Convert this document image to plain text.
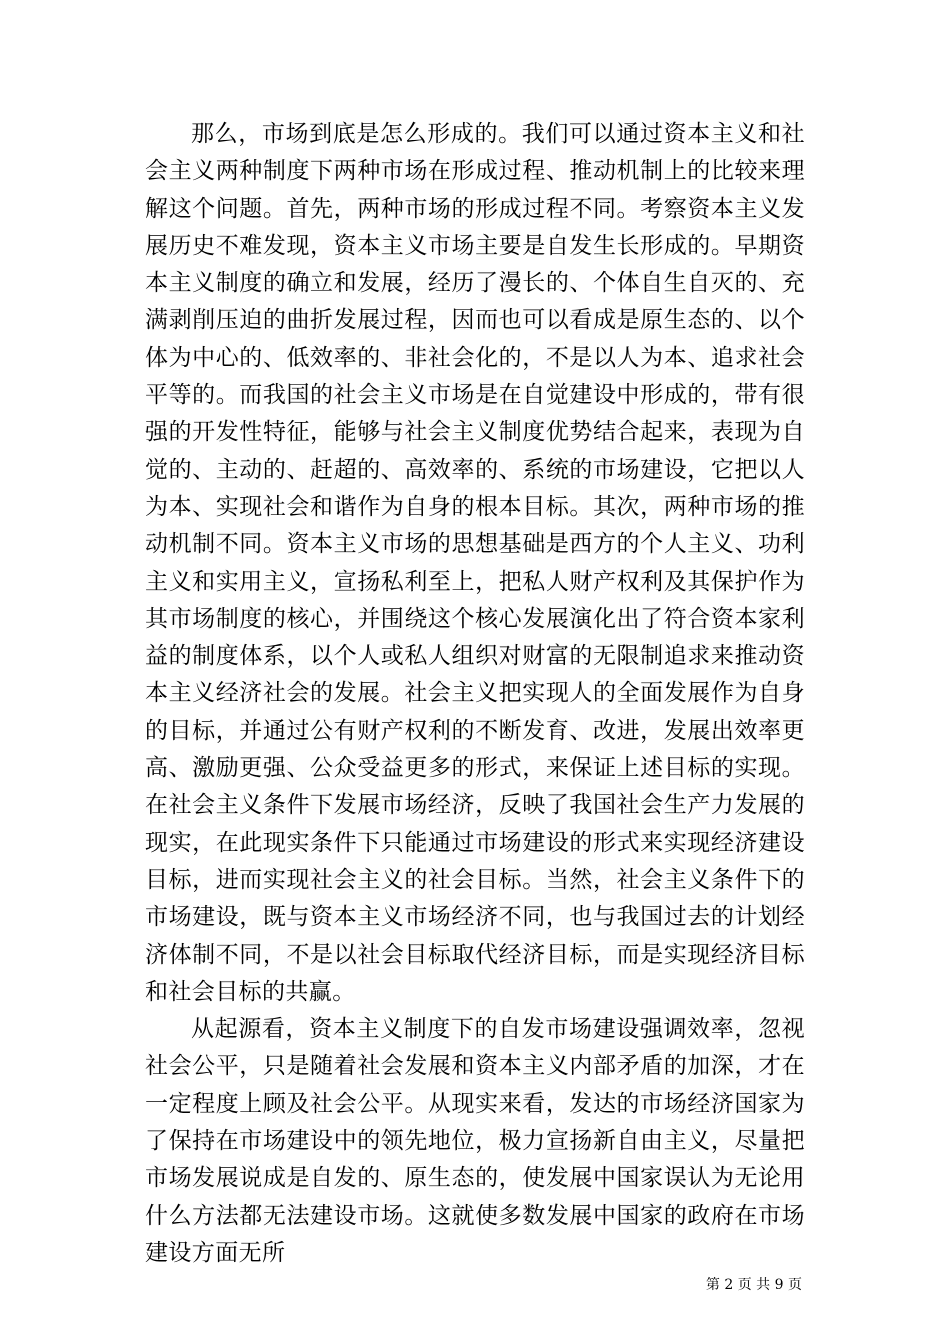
那么，市场到底是怎么形成的。我们可以通过资本主义和社会主义两种制度下两种市场在形成过程、推动机制上的比较来理解这个问题。首先，两种市场的形成过程不同。考察资本主义发展历史不难发现，资本主义市场主要是自发生长形成的。早期资本主义制度的确立和发展，经历了漫长的、个体自生自灭的、充满剥削压迫的曲折发展过程，因而也可以看成是原生态的、以个体为中心的、低效率的、非社会化的，不是以人为本、追求社会平等的。而我国的社会主义市场是在自觉建设中形成的，带有很强的开发性特征，能够与社会主义制度优势结合起来，表现为自觉的、主动的、赶超的、高效率的、系统的市场建设，它把以人为本、实现社会和谐作为自身的根本目标。其次，两种市场的推动机制不同。资本主义市场的思想基础是西方的个人主义、功利主义和实用主义，宣扬私利至上，把私人财产权利及其保护作为其市场制度的核心，并围绕这个核心发展演化出了符合资本家利益的制度体系，以个人或私人组织对财富的无限制追求来推动资本主义经济社会的发展。社会主义把实现人的全面发展作为自身的目标，并通过公有财产权利的不断发育、改进，发展出效率更高、激励更强、公众受益更多的形式，来保证上述目标的实现。在社会主义条件下发展市场经济，反映了我国社会生产力发展的现实，在此现实条件下只能通过市场建设的形式来实现经济建设目标，进而实现社会主义的社会目标。当然，社会主义条件下的市场建设，既与资本主义市场经济不同，也与我国过去的计划经济体制不同，不是以社会目标取代经济目标，而是实现经济目标和社会目标的共赢。

从起源看，资本主义制度下的自发市场建设强调效率，忽视社会公平，只是随着社会发展和资本主义内部矛盾的加深，才在一定程度上顾及社会公平。从现实来看，发达的市场经济国家为了保持在市场建设中的领先地位，极力宣扬新自由主义，尽量把市场发展说成是自发的、原生态的，使发展中国家误认为无论用什么方法都无法建设市场。这就使多数发展中国家的政府在市场建设方面无所

第 2 页 共 9 页
